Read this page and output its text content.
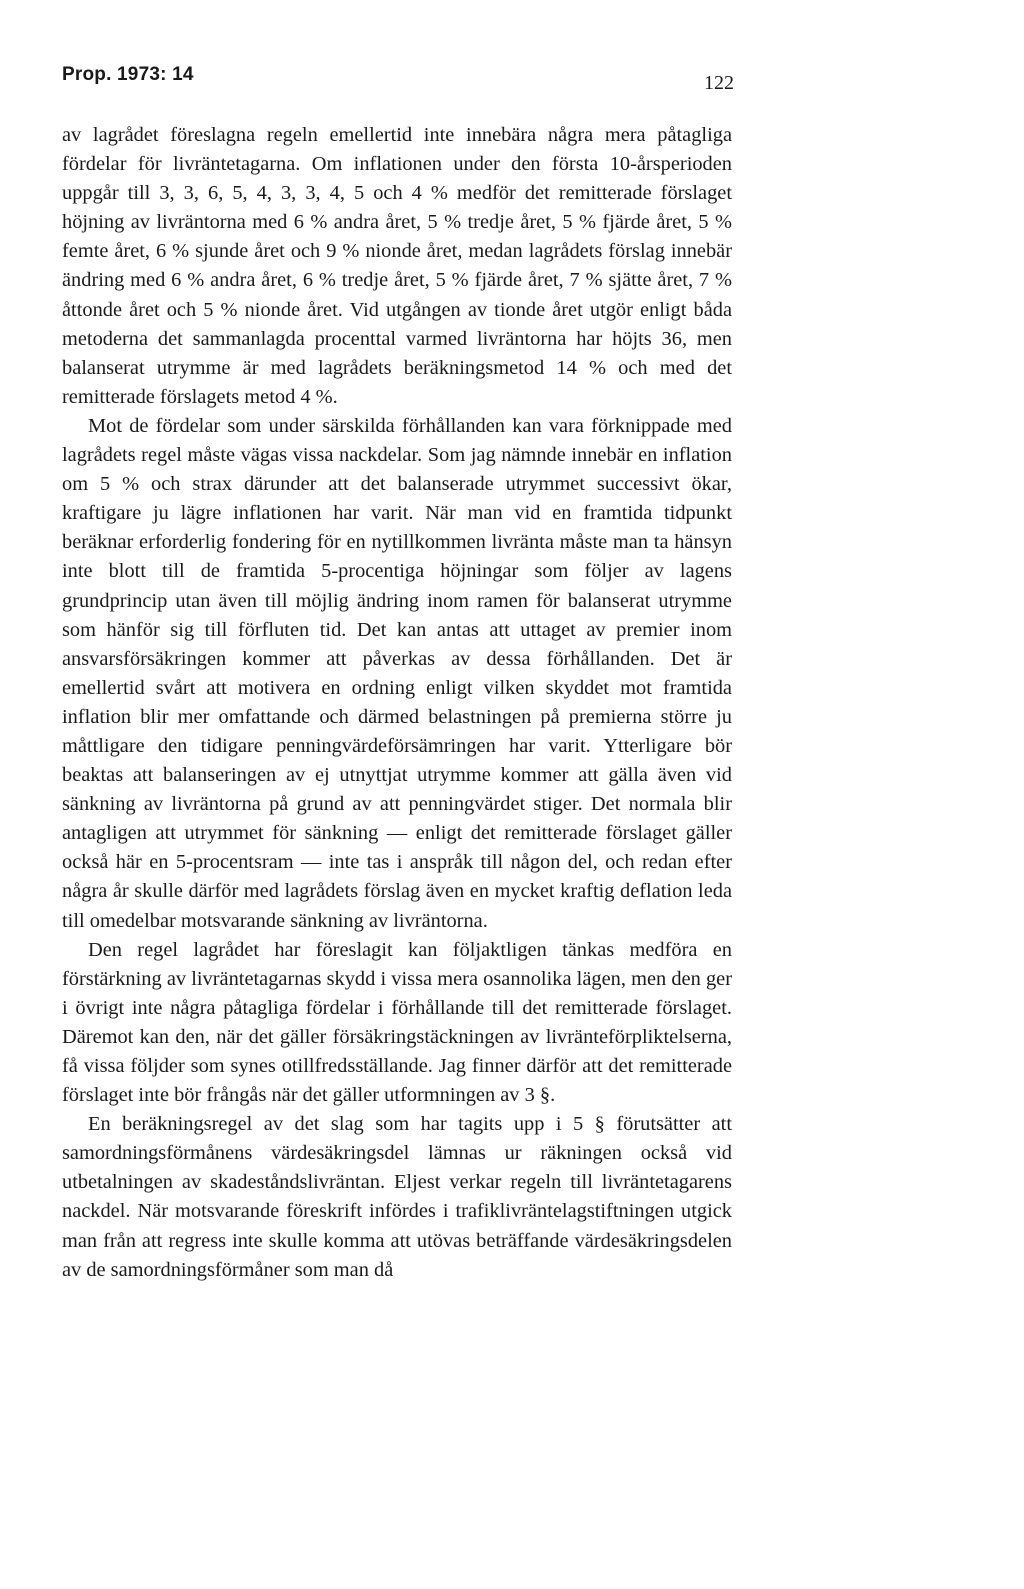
Prop. 1973: 14	122

av lagrådet föreslagna regeln emellertid inte innebära några mera påtagliga fördelar för livräntetagarna. Om inflationen under den första 10-årsperioden uppgår till 3, 3, 6, 5, 4, 3, 3, 4, 5 och 4 % medför det remitterade förslaget höjning av livräntorna med 6 % andra året, 5 % tredje året, 5 % fjärde året, 5 % femte året, 6 % sjunde året och 9 % nionde året, medan lagrådets förslag innebär ändring med 6 % andra året, 6 % tredje året, 5 % fjärde året, 7 % sjätte året, 7 % åttonde året och 5 % nionde året. Vid utgången av tionde året utgör enligt båda metoderna det sammanlagda procenttal varmed livräntorna har höjts 36, men balanserat utrymme är med lagrådets beräkningsmetod 14 % och med det remitterade förslagets metod 4 %.

Mot de fördelar som under särskilda förhållanden kan vara förknippade med lagrådets regel måste vägas vissa nackdelar. Som jag nämnde innebär en inflation om 5 % och strax därunder att det balanserade utrymmet successivt ökar, kraftigare ju lägre inflationen har varit. När man vid en framtida tidpunkt beräknar erforderlig fondering för en nytillkommen livränta måste man ta hänsyn inte blott till de framtida 5-procentiga höjningar som följer av lagens grundprincip utan även till möjlig ändring inom ramen för balanserat utrymme som hänför sig till förfluten tid. Det kan antas att uttaget av premier inom ansvarsförsäkringen kommer att påverkas av dessa förhållanden. Det är emellertid svårt att motivera en ordning enligt vilken skyddet mot framtida inflation blir mer omfattande och därmed belastningen på premierna större ju måttligare den tidigare penningvärdeförsämringen har varit. Ytterligare bör beaktas att balanseringen av ej utnyttjat utrymme kommer att gälla även vid sänkning av livräntorna på grund av att penningvärdet stiger. Det normala blir antagligen att utrymmet för sänkning — enligt det remitterade förslaget gäller också här en 5-procentsram — inte tas i anspråk till någon del, och redan efter några år skulle därför med lagrådets förslag även en mycket kraftig deflation leda till omedelbar motsvarande sänkning av livräntorna.

Den regel lagrådet har föreslagit kan följaktligen tänkas medföra en förstärkning av livräntetagarnas skydd i vissa mera osannolika lägen, men den ger i övrigt inte några påtagliga fördelar i förhållande till det remitterade förslaget. Däremot kan den, när det gäller försäkringstäckningen av livränteförpliktelserna, få vissa följder som synes otillfredsställande. Jag finner därför att det remitterade förslaget inte bör frångås när det gäller utformningen av 3 §.

En beräkningsregel av det slag som har tagits upp i 5 § förutsätter att samordningsförmånens värdesäkringsdel lämnas ur räkningen också vid utbetalningen av skadeståndslivräntan. Eljest verkar regeln till livräntetagarens nackdel. När motsvarande föreskrift infördes i trafiklivräntelagstiftningen utgick man från att regress inte skulle komma att utövas beträffande värdesäkringsdelen av de samordningsförmåner som man då
